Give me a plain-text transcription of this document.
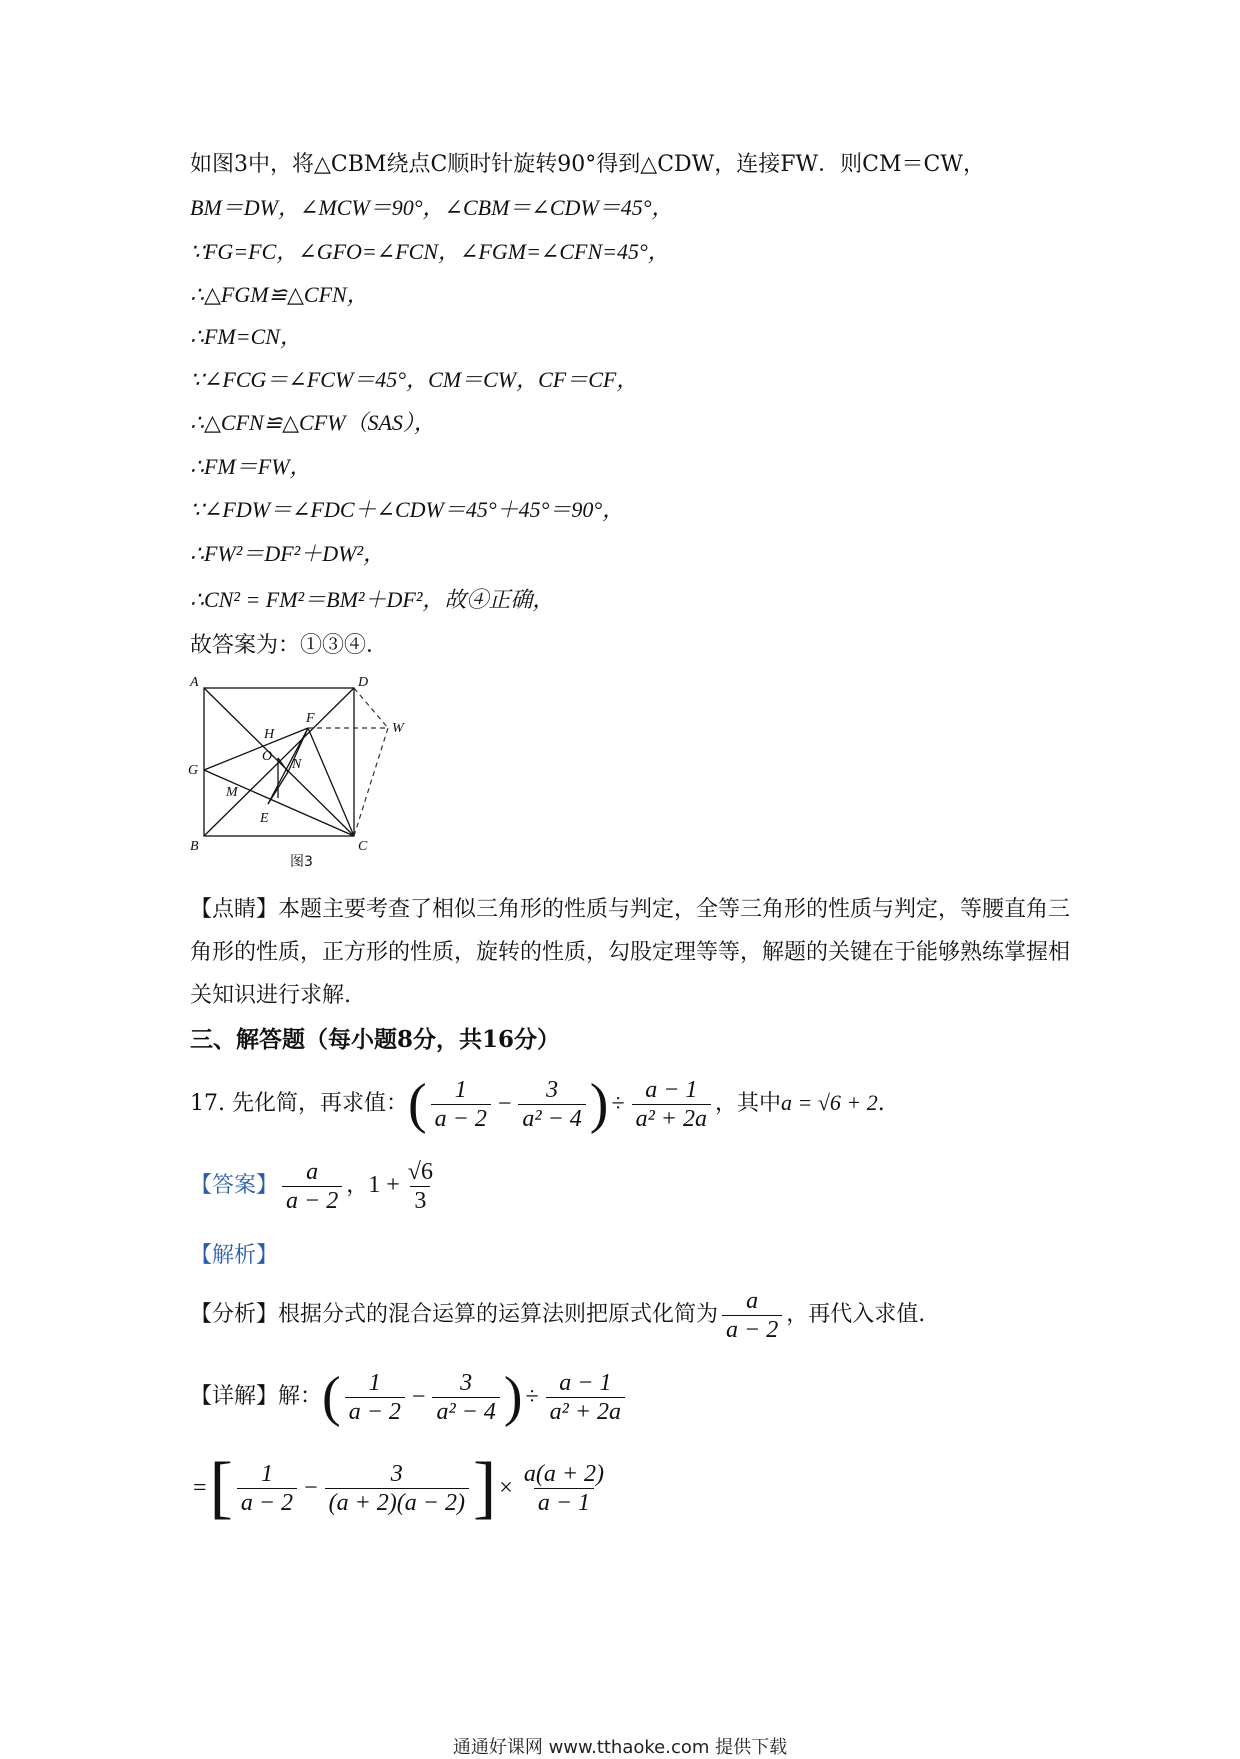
如图3中，将△CBM绕点C顺时针旋转90°得到△CDW，连接FW．则CM＝CW，
BM＝DW，∠MCW＝90°，∠CBM＝∠CDW＝45°，
∵FG=FC，∠GFO=∠FCN，∠FGM=∠CFN=45°，
∴△FGM≌△CFN，
∴FM=CN，
∵∠FCG＝∠FCW＝45°，CM＝CW，CF＝CF，
∴△CFN≌△CFW（SAS），
∴FM＝FW，
∵∠FDW＝∠FDC＋∠CDW＝45°＋45°＝90°，
∴FW²＝DF²＋DW²，
∴CN² = FM²＝BM²＋DF²，故④正确，
故答案为：①③④．
A	D
W
F
H
O
N
G
M
E
B	C
图3
【点睛】本题主要考查了相似三角形的性质与判定，全等三角形的性质与判定，等腰直角三
角形的性质，正方形的性质，旋转的性质，勾股定理等等，解题的关键在于能够熟练掌握相
关知识进行求解.
三、解答题（每小题8分，共16分）
17. 先化简，再求值：( $\frac{1}{a - 2} - \frac{3}{\text{a² − 4}}$ ) ÷ $\frac{a - 1}{\text{a² + 2a}}$ ，其中a = √6 + 2.
【答案】 $\frac{a}{a - 2}$ ，$1 + \frac{√6}{3}$
【解析】
【分析】根据分式的混合运算的运算法则把原式化简为 $\frac{a}{a - 2}$ ，再代入求值.
【详解】解：( $\frac{1}{a - 2} - \frac{3}{\text{a² − 4}}$ ) ÷ $\frac{a - 1}{\text{a² + 2a}}$
=[ $\frac{1}{a - 2} - \frac{3}{(a + 2)(a - 2)}$ ] × $\frac{a(a + 2)}{a - 1}$
通通好课网 www.tthaoke.com 提供下载
